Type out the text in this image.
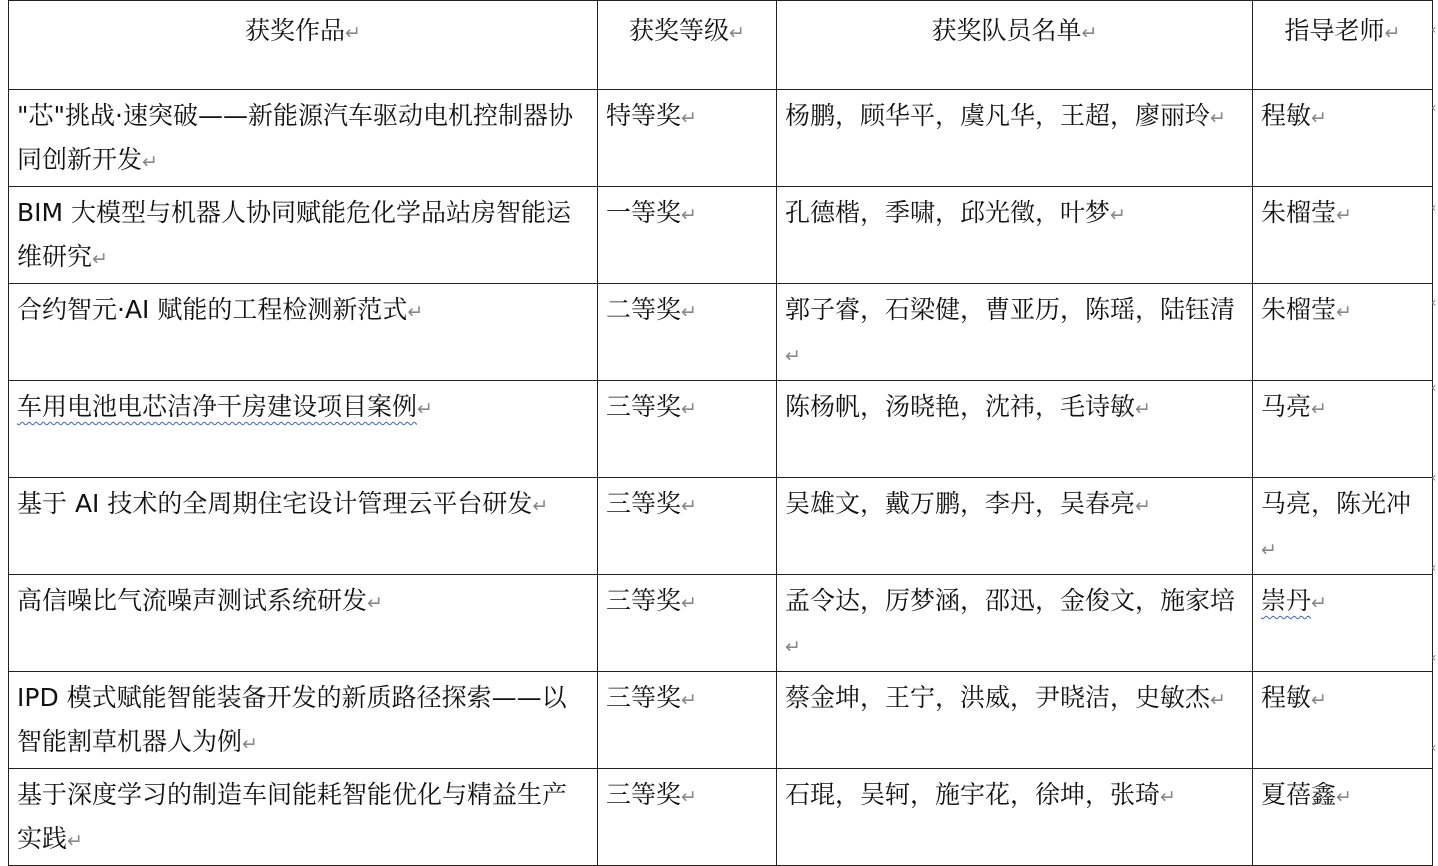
获奖作品↵	获奖等级↵	获奖队员名单↵	指导老师↵
"芯"挑战·速突破——新能源汽车驱动电机控制器协同创新开发↵	特等奖↵	杨鹏，顾华平，虞凡华，王超，廖丽玲↵	程敏↵
BIM 大模型与机器人协同赋能危化学品站房智能运维研究↵	一等奖↵	孔德楷，季啸，邱光徵，叶梦↵	朱榴莹↵
合约智元·AI 赋能的工程检测新范式↵	二等奖↵	郭子睿，石梁健，曹亚历，陈瑶，陆钰清↵	朱榴莹↵
车用电池电芯洁净干房建设项目案例↵	三等奖↵	陈杨帆，汤晓艳，沈祎，毛诗敏↵	马亮↵
基于 AI 技术的全周期住宅设计管理云平台研发↵	三等奖↵	吴雄文，戴万鹏，李丹，吴春亮↵	马亮，陈光冲↵
高信噪比气流噪声测试系统研发↵	三等奖↵	孟令达，厉梦涵，邵迅，金俊文，施家培↵	崇丹↵
IPD 模式赋能智能装备开发的新质路径探索——以智能割草机器人为例↵	三等奖↵	蔡金坤，王宁，洪威，尹晓洁，史敏杰↵	程敏↵
基于深度学习的制造车间能耗智能优化与精益生产实践↵	三等奖↵	石琨，吴轲，施宇花，徐坤，张琦↵	夏蓓鑫↵
‹
‹
‹
‹
‹
‹
‹
‹
‹
